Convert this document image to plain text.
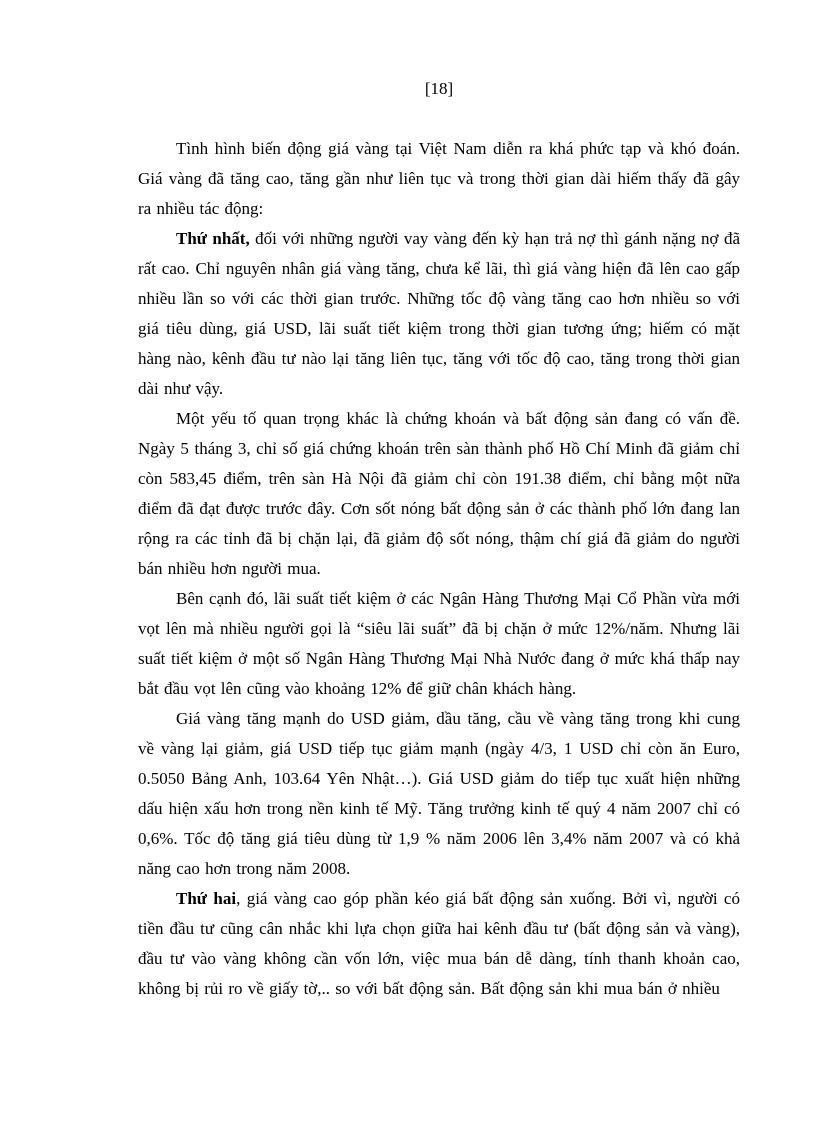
[18]

Tình hình biến động giá vàng tại Việt Nam diễn ra khá phức tạp và khó đoán. Giá vàng đã tăng cao, tăng gần như liên tục và trong thời gian dài hiếm thấy đã gây ra nhiều tác động:

Thứ nhất, đối với những người vay vàng đến kỳ hạn trả nợ thì gánh nặng nợ đã rất cao. Chỉ nguyên nhân giá vàng tăng, chưa kể lãi, thì giá vàng hiện đã lên cao gấp nhiều lần so với các thời gian trước. Những tốc độ vàng tăng cao hơn nhiều so với giá tiêu dùng, giá USD, lãi suất tiết kiệm trong thời gian tương ứng; hiếm có mặt hàng nào, kênh đầu tư nào lại tăng liên tục, tăng với tốc độ cao, tăng trong thời gian dài như vậy.

Một yếu tố quan trọng khác là chứng khoán và bất động sản đang có vấn đề. Ngày 5 tháng 3, chỉ số giá chứng khoán trên sàn thành phố Hồ Chí Minh đã giảm chỉ còn 583,45 điểm, trên sàn Hà Nội đã giảm chỉ còn 191.38 điểm, chỉ bằng một nữa điểm đã đạt được trước đây. Cơn sốt nóng bất động sản ở các thành phố lớn đang lan rộng ra các tỉnh đã bị chặn lại, đã giảm độ sốt nóng, thậm chí giá đã giảm do người bán nhiều hơn người mua.

Bên cạnh đó, lãi suất tiết kiệm ở các Ngân Hàng Thương Mại Cổ Phần vừa mới vọt lên mà nhiều người gọi là “siêu lãi suất” đã bị chặn ở mức 12%/năm. Nhưng lãi suất tiết kiệm ở một số Ngân Hàng Thương Mại Nhà Nước đang ở mức khá thấp nay bắt đầu vọt lên cũng vào khoảng 12% để giữ chân khách hàng.

Giá vàng tăng mạnh do USD giảm, dầu tăng, cầu về vàng tăng trong khi cung về vàng lại giảm, giá USD tiếp tục giảm mạnh (ngày 4/3, 1 USD chỉ còn ăn Euro, 0.5050 Bảng Anh, 103.64 Yên Nhật…). Giá USD giảm do tiếp tục xuất hiện những dấu hiện xấu hơn trong nền kinh tế Mỹ. Tăng trưởng kinh tế quý 4 năm 2007 chỉ có 0,6%. Tốc độ tăng giá tiêu dùng từ 1,9 % năm 2006 lên 3,4% năm 2007 và có khả năng cao hơn trong năm 2008.

Thứ hai, giá vàng cao góp phần kéo giá bất động sản xuống. Bởi vì, người có tiền đầu tư cũng cân nhắc khi lựa chọn giữa hai kênh đầu tư (bất động sản và vàng), đầu tư vào vàng không cần vốn lớn, việc mua bán dễ dàng, tính thanh khoản cao, không bị rủi ro về giấy tờ,.. so với bất động sản. Bất động sản khi mua bán ở nhiều
